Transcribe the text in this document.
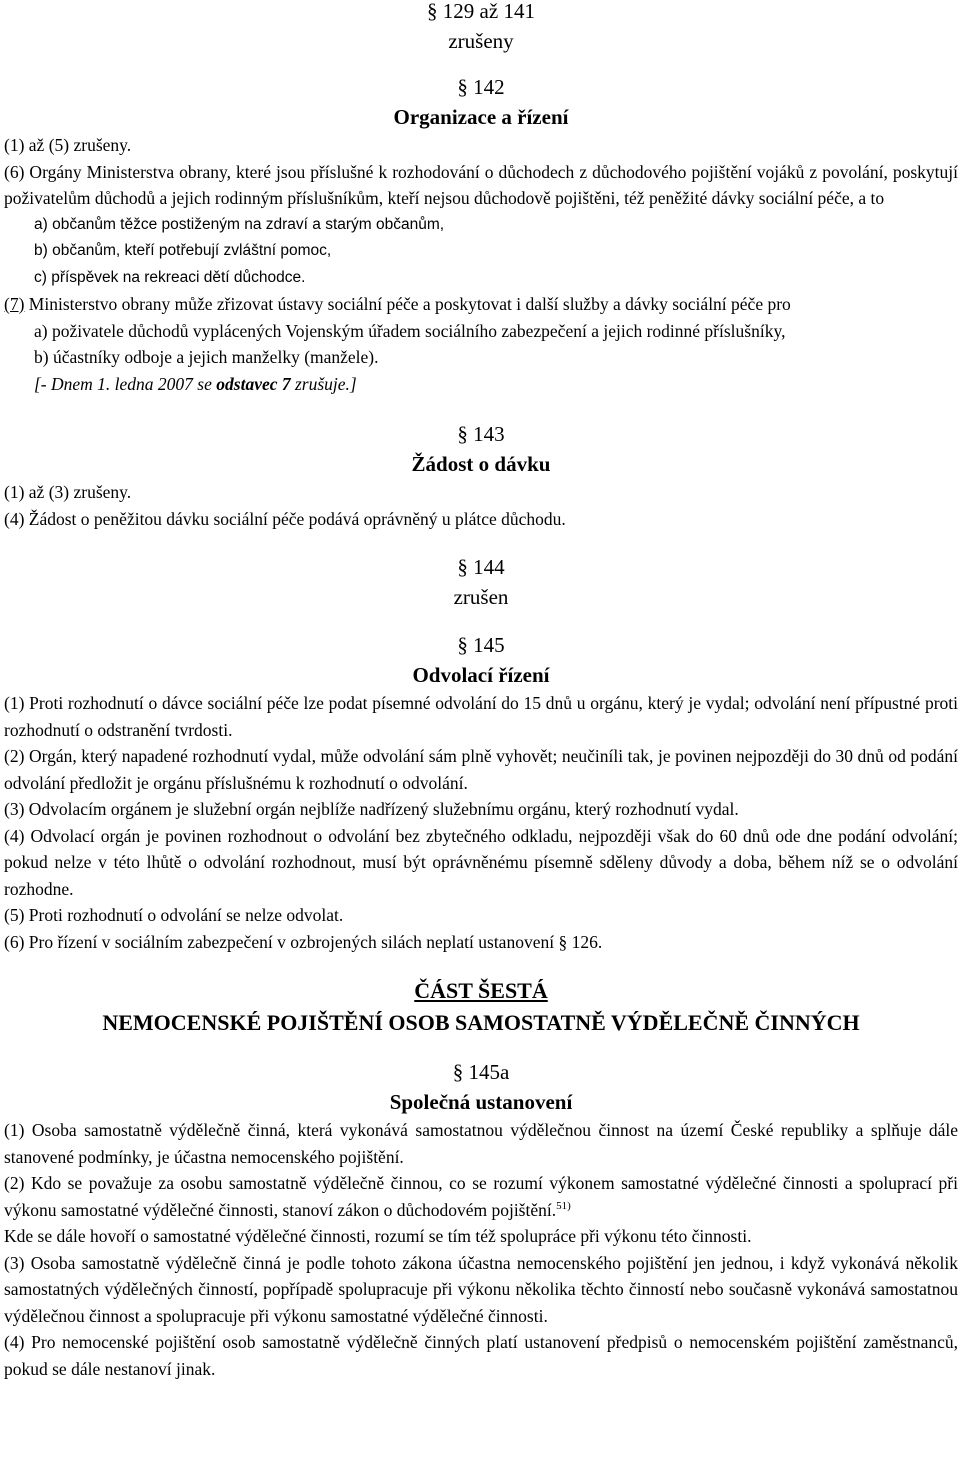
§ 129 až 141
zrušeny
§ 142
Organizace a řízení

(1) až (5) zrušeny.

(6) Orgány Ministerstva obrany, které jsou příslušné k rozhodování o důchodech z důchodového pojištění vojáků z povolání, poskytují poživatelům důchodů a jejich rodinným příslušníkům, kteří nejsou důchodově pojištěni, též peněžité dávky sociální péče, a to

a) občanům těžce postiženým na zdraví a starým občanům,

b) občanům, kteří potřebují zvláštní pomoc,

c) příspěvek na rekreaci dětí důchodce.

(7) Ministerstvo obrany může zřizovat ústavy sociální péče a poskytovat i další služby a dávky sociální péče pro

a) poživatele důchodů vyplácených Vojenským úřadem sociálního zabezpečení a jejich rodinné příslušníky,

b) účastníky odboje a jejich manželky (manžele).

[- Dnem 1. ledna 2007 se odstavec 7 zrušuje.]

§ 143
Žádost o dávku

(1) až (3) zrušeny.

(4) Žádost o peněžitou dávku sociální péče podává oprávněný u plátce důchodu.

§ 144
zrušen
§ 145
Odvolací řízení

(1) Proti rozhodnutí o dávce sociální péče lze podat písemné odvolání do 15 dnů u orgánu, který je vydal; odvolání není přípustné proti rozhodnutí o odstranění tvrdosti.

(2) Orgán, který napadené rozhodnutí vydal, může odvolání sám plně vyhovět; neučiníli tak, je povinen nejpozději do 30 dnů od podání odvolání předložit je orgánu příslušnému k rozhodnutí o odvolání.

(3) Odvolacím orgánem je služební orgán nejblíže nadřízený služebnímu orgánu, který rozhodnutí vydal.

(4) Odvolací orgán je povinen rozhodnout o odvolání bez zbytečného odkladu, nejpozději však do 60 dnů ode dne podání odvolání; pokud nelze v této lhůtě o odvolání rozhodnout, musí být oprávněnému písemně sděleny důvody a doba, během níž se o odvolání rozhodne.

(5) Proti rozhodnutí o odvolání se nelze odvolat.

(6) Pro řízení v sociálním zabezpečení v ozbrojených silách neplatí ustanovení § 126.

ČÁST ŠESTÁ
NEMOCENSKÉ POJIŠTĚNÍ OSOB SAMOSTATNĚ VÝDĚLEČNĚ ČINNÝCH
§ 145a
Společná ustanovení

(1) Osoba samostatně výdělečně činná, která vykonává samostatnou výdělečnou činnost na území České republiky a splňuje dále stanovené podmínky, je účastna nemocenského pojištění.

(2) Kdo se považuje za osobu samostatně výdělečně činnou, co se rozumí výkonem samostatné výdělečné činnosti a spoluprací při výkonu samostatné výdělečné činnosti, stanoví zákon o důchodovém pojištění.$^{51)}$

Kde se dále hovoří o samostatné výdělečné činnosti, rozumí se tím též spolupráce při výkonu této činnosti.

(3) Osoba samostatně výdělečně činná je podle tohoto zákona účastna nemocenského pojištění jen jednou, i když vykonává několik samostatných výdělečných činností, popřípadě spolupracuje při výkonu několika těchto činností nebo současně vykonává samostatnou výdělečnou činnost a spolupracuje při výkonu samostatné výdělečné činnosti.

(4) Pro nemocenské pojištění osob samostatně výdělečně činných platí ustanovení předpisů o nemocenském pojištění zaměstnanců, pokud se dále nestanoví jinak.
